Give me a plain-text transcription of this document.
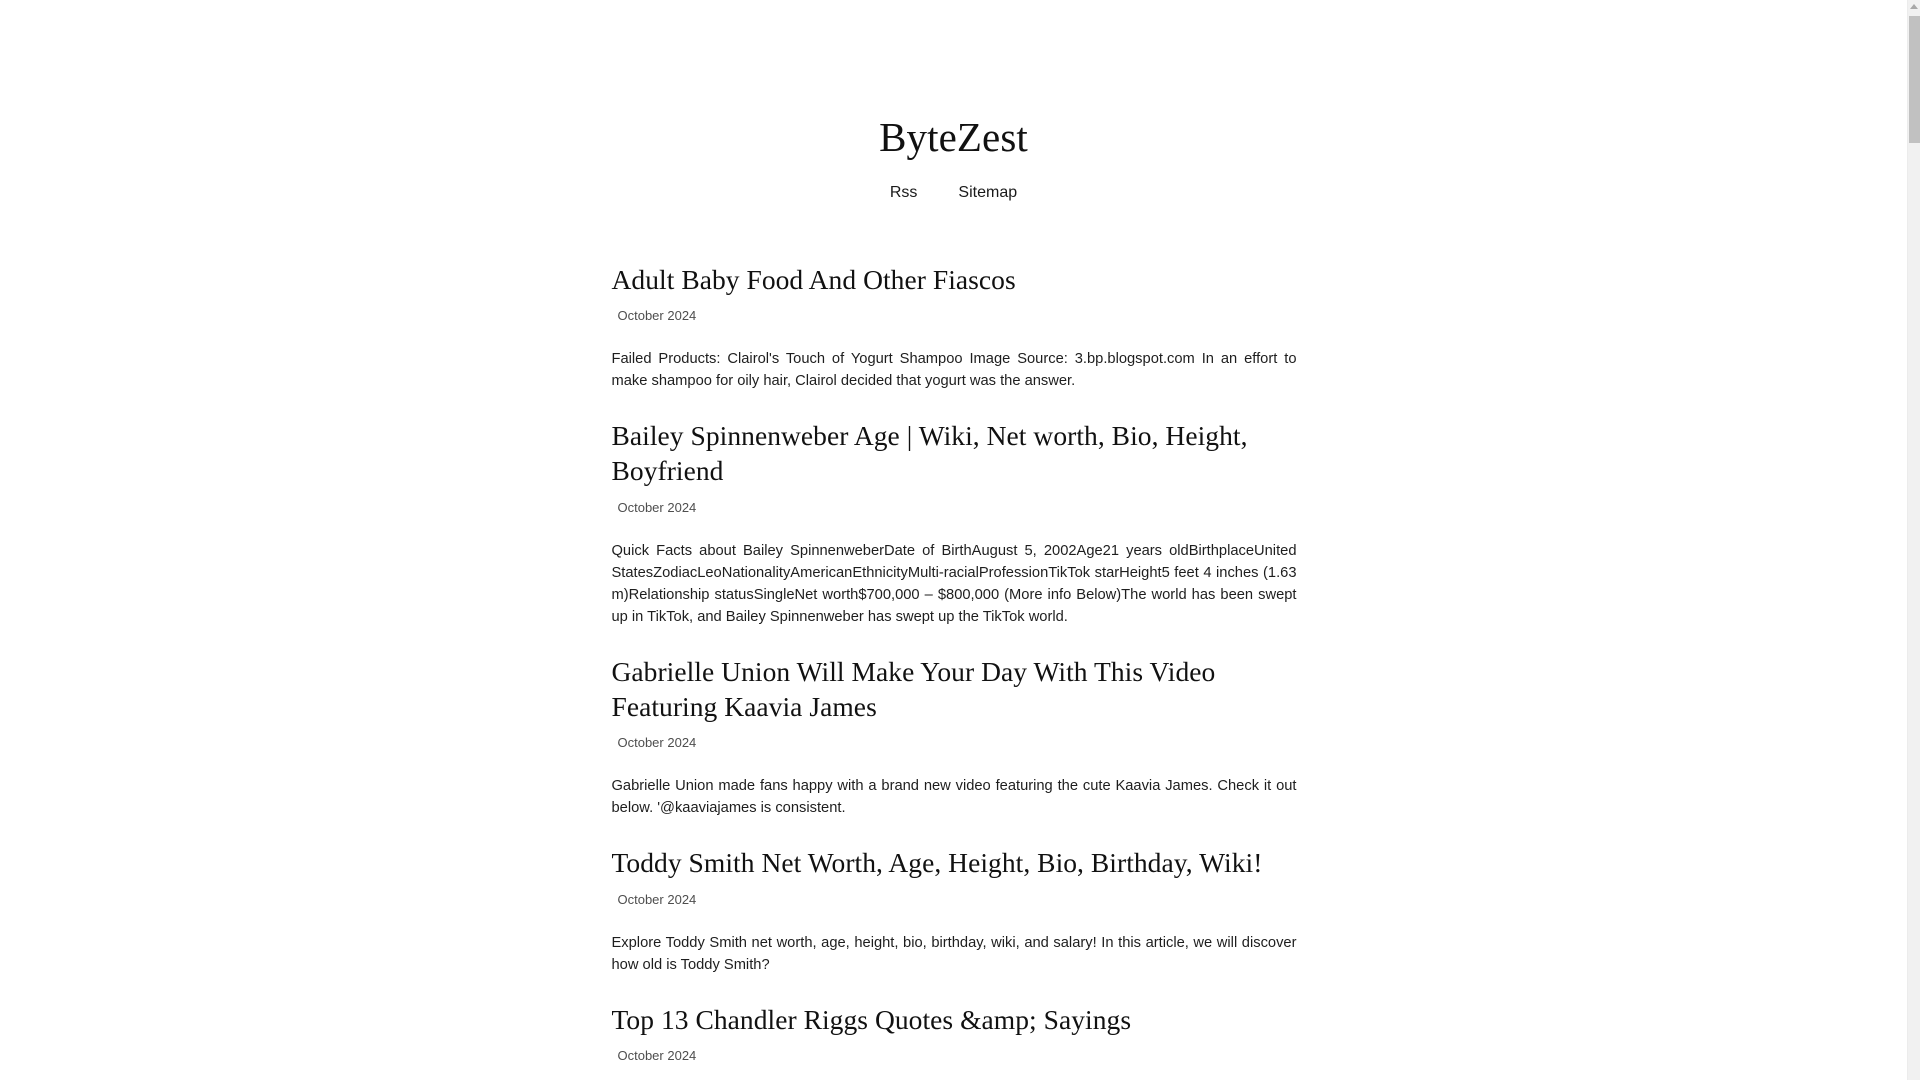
ByteZest
Rss	Sitemap
Adult Baby Food And Other Fiascos
October 2024

Failed Products: Clairol's Touch of Yogurt Shampoo Image Source: 3.bp.blogspot.com In an effort to make shampoo for oily hair, Clairol decided that yogurt was the answer.

Bailey Spinnenweber Age | Wiki, Net worth, Bio, Height, Boyfriend
October 2024

Quick Facts about Bailey SpinnenweberDate of BirthAugust 5, 2002Age21 years oldBirthplaceUnited StatesZodiacLeoNationalityAmericanEthnicityMulti-racialProfessionTikTok starHeight5 feet 4 inches (1.63 m)Relationship statusSingleNet worth$700,000 – $800,000 (More info Below)The world has been swept up in TikTok, and Bailey Spinnenweber has swept up the TikTok world.

Gabrielle Union Will Make Your Day With This Video Featuring Kaavia James
October 2024

Gabrielle Union made fans happy with a brand new video featuring the cute Kaavia James. Check it out below. '@kaaviajames is consistent.

Toddy Smith Net Worth, Age, Height, Bio, Birthday, Wiki!
October 2024

Explore Toddy Smith net worth, age, height, bio, birthday, wiki, and salary! In this article, we will discover how old is Toddy Smith?

Top 13 Chandler Riggs Quotes &amp; Sayings
October 2024
